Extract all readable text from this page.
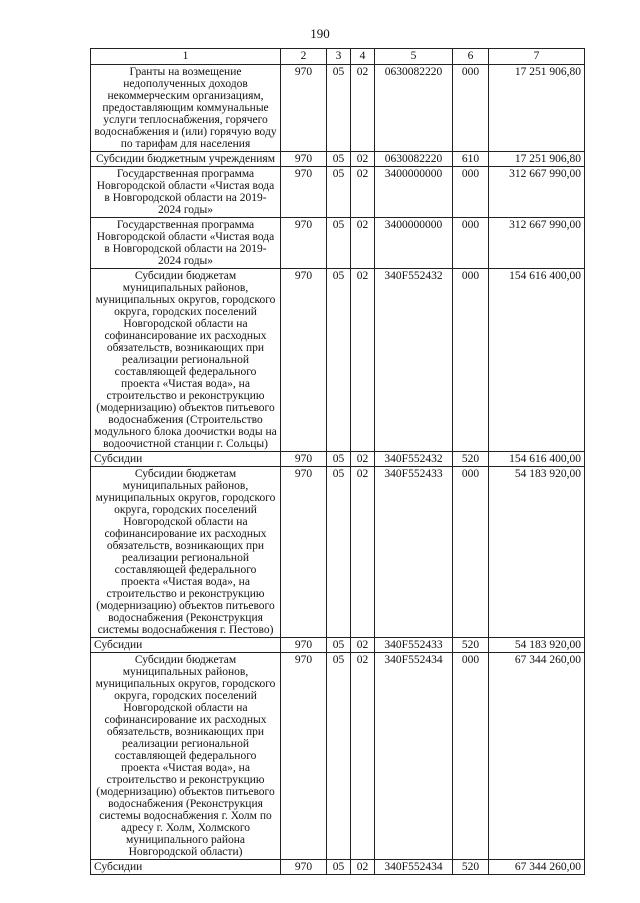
190
1	2	3	4	5	6	7
Гранты на возмещение недополученных доходов некоммерческим организациям, предоставляющим коммунальные услуги теплоснабжения, горячего водоснабжения и (или) горячую воду по тарифам для населения	970	05	02	0630082220	000	17 251 906,80
Субсидии бюджетным учреждениям	970	05	02	0630082220	610	17 251 906,80
Государственная программа Новгородской области «Чистая вода в Новгородской области на 2019-2024 годы»	970	05	02	3400000000	000	312 667 990,00
Государственная программа Новгородской области «Чистая вода в Новгородской области на 2019-2024 годы»	970	05	02	3400000000	000	312 667 990,00
Субсидии бюджетам муниципальных районов, муниципальных округов, городского округа, городских поселений Новгородской области на софинансирование их расходных обязательств, возникающих при реализации региональной составляющей федерального проекта «Чистая вода», на строительство и реконструкцию (модернизацию) объектов питьевого водоснабжения (Строительство модульного блока доочистки воды на водоочистной станции г. Сольцы)	970	05	02	340F552432	000	154 616 400,00
Субсидии	970	05	02	340F552432	520	154 616 400,00
Субсидии бюджетам муниципальных районов, муниципальных округов, городского округа, городских поселений Новгородской области на софинансирование их расходных обязательств, возникающих при реализации региональной составляющей федерального проекта «Чистая вода», на строительство и реконструкцию (модернизацию) объектов питьевого водоснабжения (Реконструкция системы водоснабжения г. Пестово)	970	05	02	340F552433	000	54 183 920,00
Субсидии	970	05	02	340F552433	520	54 183 920,00
Субсидии бюджетам муниципальных районов, муниципальных округов, городского округа, городских поселений Новгородской области на софинансирование их расходных обязательств, возникающих при реализации региональной составляющей федерального проекта «Чистая вода», на строительство и реконструкцию (модернизацию) объектов питьевого водоснабжения (Реконструкция системы водоснабжения г. Холм по адресу г. Холм, Холмского муниципального района Новгородской области)	970	05	02	340F552434	000	67 344 260,00
Субсидии	970	05	02	340F552434	520	67 344 260,00
